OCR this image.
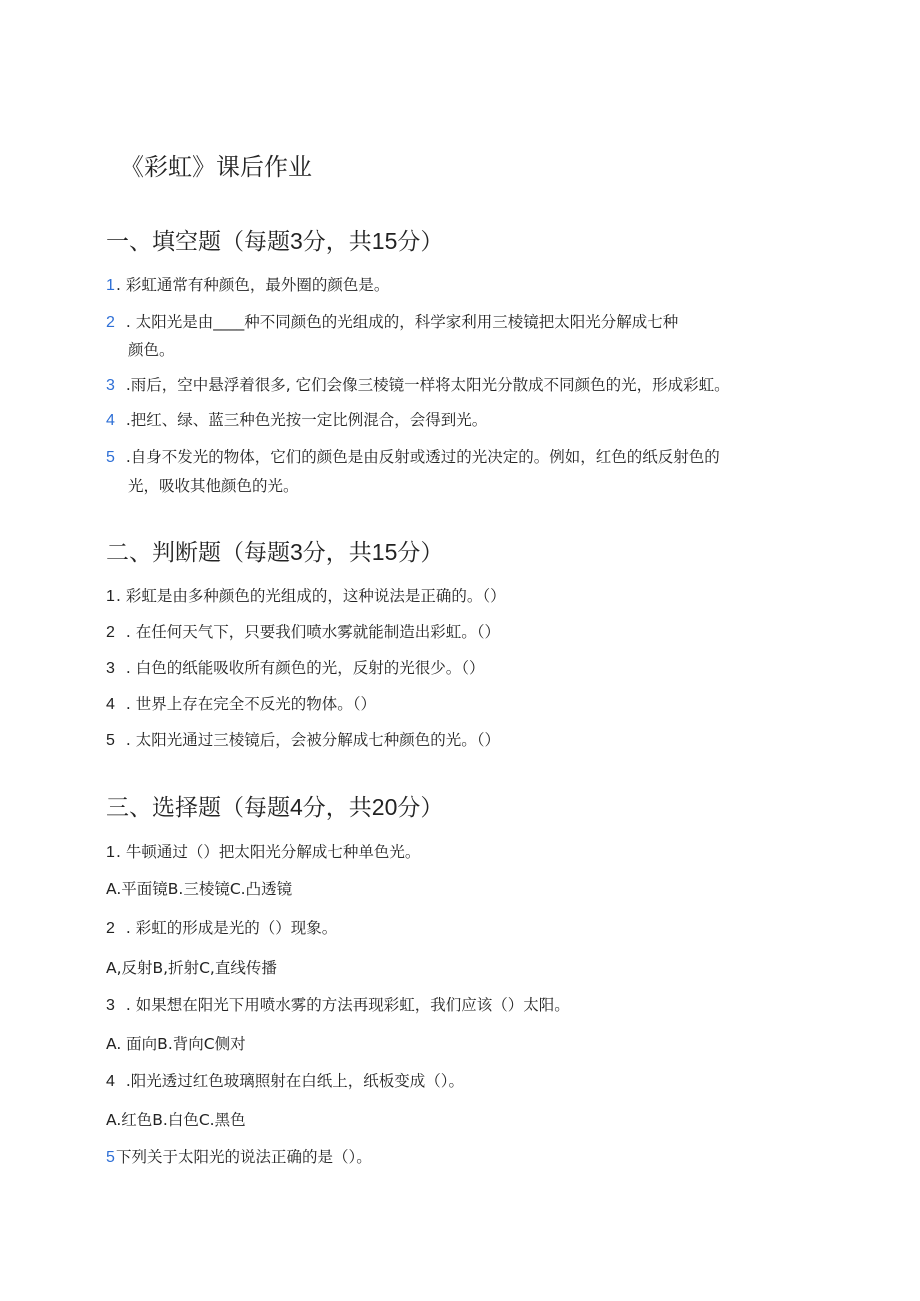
《彩虹》课后作业
一、填空题（每题3分，共15分）
1. 彩虹通常有种颜色，最外圈的颜色是。
2  . 太阳光是由____种不同颜色的光组成的，科学家利用三棱镜把太阳光分解成七种
颜色。
3  .雨后，空中悬浮着很多, 它们会像三棱镜一样将太阳光分散成不同颜色的光，形成彩虹。
4  .把红、绿、蓝三种色光按一定比例混合，会得到光。
5  .自身不发光的物体，它们的颜色是由反射或透过的光决定的。例如，红色的纸反射色的
光，吸收其他颜色的光。
二、判断题（每题3分，共15分）
1. 彩虹是由多种颜色的光组成的，这种说法是正确的。（）
2  . 在任何天气下，只要我们喷水雾就能制造出彩虹。（）
3  . 白色的纸能吸收所有颜色的光，反射的光很少。（）
4  . 世界上存在完全不反光的物体。（）
5  . 太阳光通过三棱镜后，会被分解成七种颜色的光。（）
三、选择题（每题4分，共20分）
1. 牛顿通过（）把太阳光分解成七种单色光。
A.平面镜B.三棱镜C.凸透镜
2  . 彩虹的形成是光的（）现象。
A,反射B,折射C,直线传播
3  . 如果想在阳光下用喷水雾的方法再现彩虹，我们应该（）太阳。
A. 面向B.背向C侧对
4  .阳光透过红色玻璃照射在白纸上，纸板变成（）。
A.红色B.白色C.黑色
5下列关于太阳光的说法正确的是（）。
